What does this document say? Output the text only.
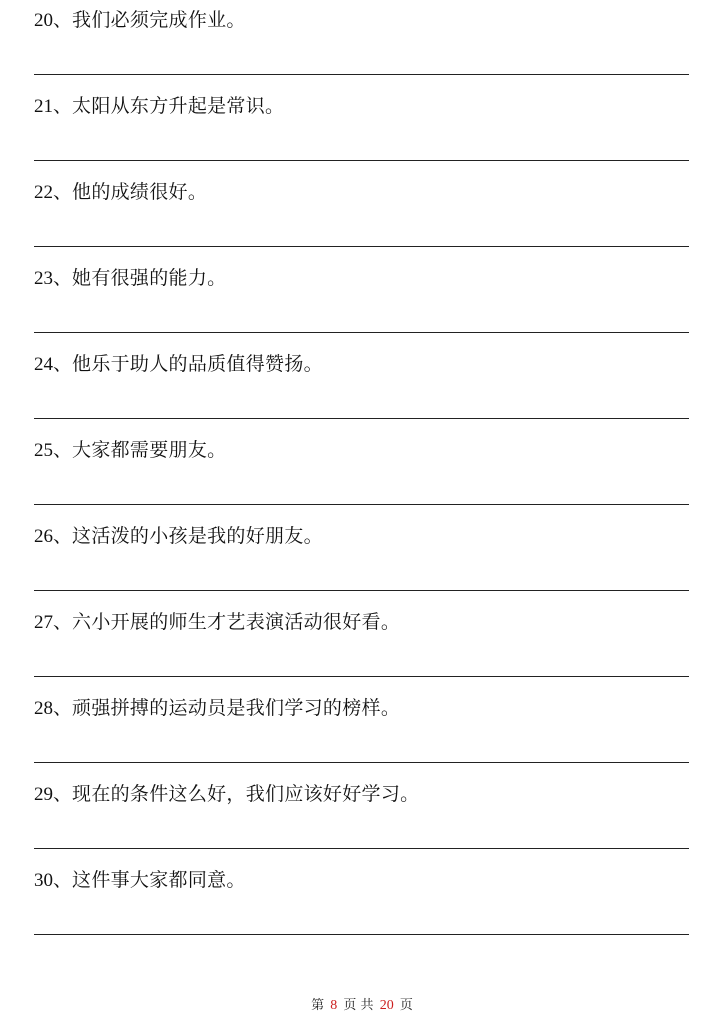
20、我们必须完成作业。
21、太阳从东方升起是常识。
22、他的成绩很好。
23、她有很强的能力。
24、他乐于助人的品质值得赞扬。
25、大家都需要朋友。
26、这活泼的小孩是我的好朋友。
27、六小开展的师生才艺表演活动很好看。
28、顽强拼搏的运动员是我们学习的榜样。
29、现在的条件这么好，我们应该好好学习。
30、这件事大家都同意。
第 8 页 共 20 页
